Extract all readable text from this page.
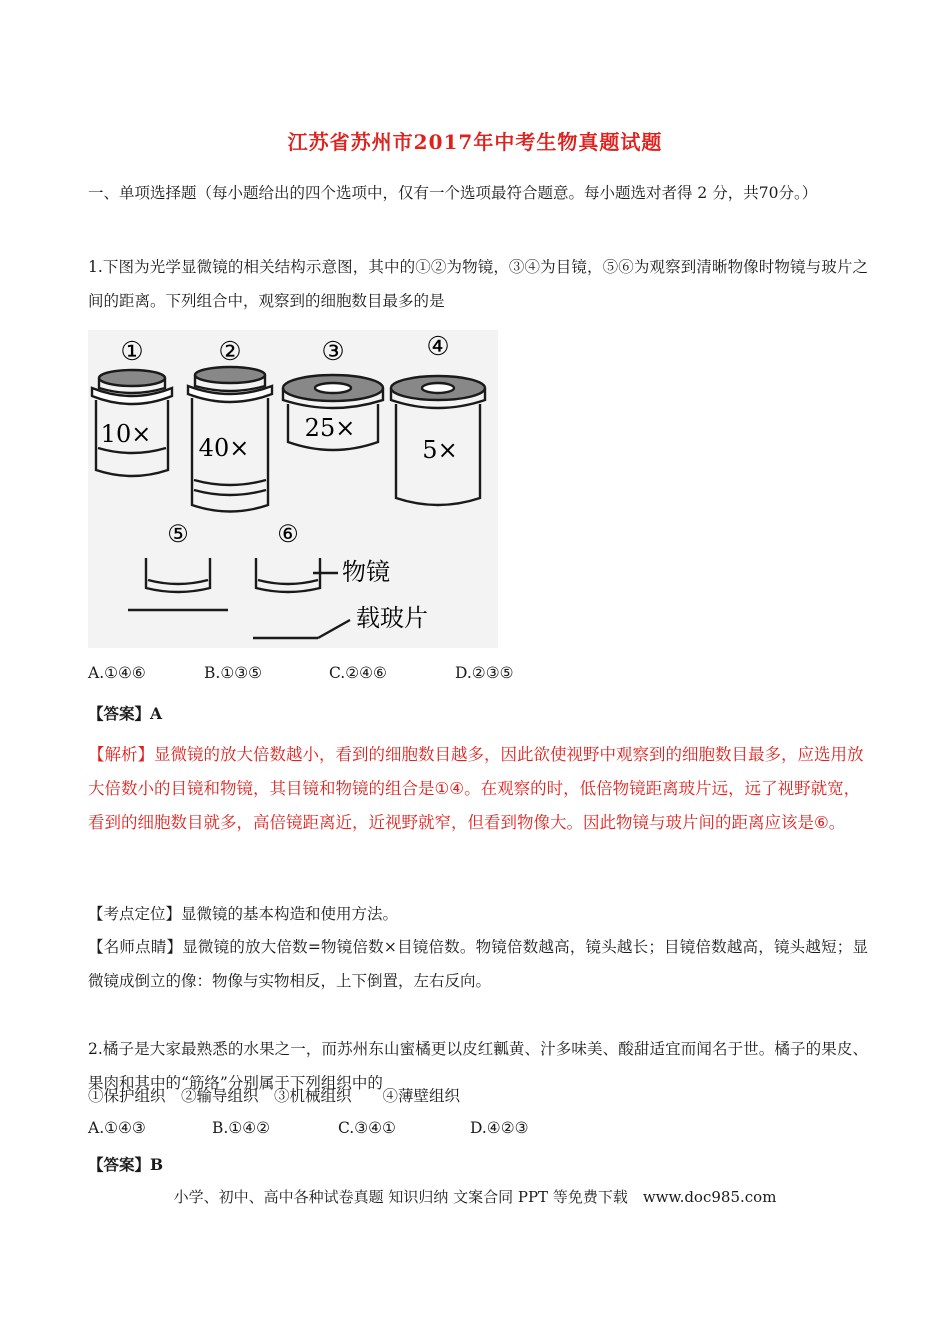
江苏省苏州市2017年中考生物真题试题
一、单项选择题（每小题给出的四个选项中，仅有一个选项最符合题意。每小题选对者得 2 分，共70分。）
1.下图为光学显微镜的相关结构示意图，其中的①②为物镜，③④为目镜，⑤⑥为观察到清晰物像时物镜与玻片之间的距离。下列组合中，观察到的细胞数目最多的是
①	②	③	④
10× 40×
25×
5×
⑤	⑥
物镜
载玻片
A.①④⑥	B.①③⑤	C.②④⑥	D.②③⑤
【答案】A
【解析】显微镜的放大倍数越小，看到的细胞数目越多，因此欲使视野中观察到的细胞数目最多，应选用放大倍数小的目镜和物镜，其目镜和物镜的组合是①④。在观察的时，低倍物镜距离玻片远，远了视野就宽，看到的细胞数目就多，高倍镜距离近，近视野就窄，但看到物像大。因此物镜与玻片间的距离应该是⑥。
【考点定位】显微镜的基本构造和使用方法。
【名师点睛】显微镜的放大倍数=物镜倍数×目镜倍数。物镜倍数越高，镜头越长；目镜倍数越高，镜头越短；显微镜成倒立的像：物像与实物相反，上下倒置，左右反向。
2.橘子是大家最熟悉的水果之一，而苏州东山蜜橘更以皮红瓤黄、汁多味美、酸甜适宜而闻名于世。橘子的果皮、果肉和其中的“筋络”分别属于下列组织中的
①保护组织　②输导组织　③机械组织　　④薄壁组织
A.①④③	B.①④②	C.③④①	D.④②③
【答案】B
小学、初中、高中各种试卷真题 知识归纳 文案合同 PPT 等免费下载　www.doc985.com
